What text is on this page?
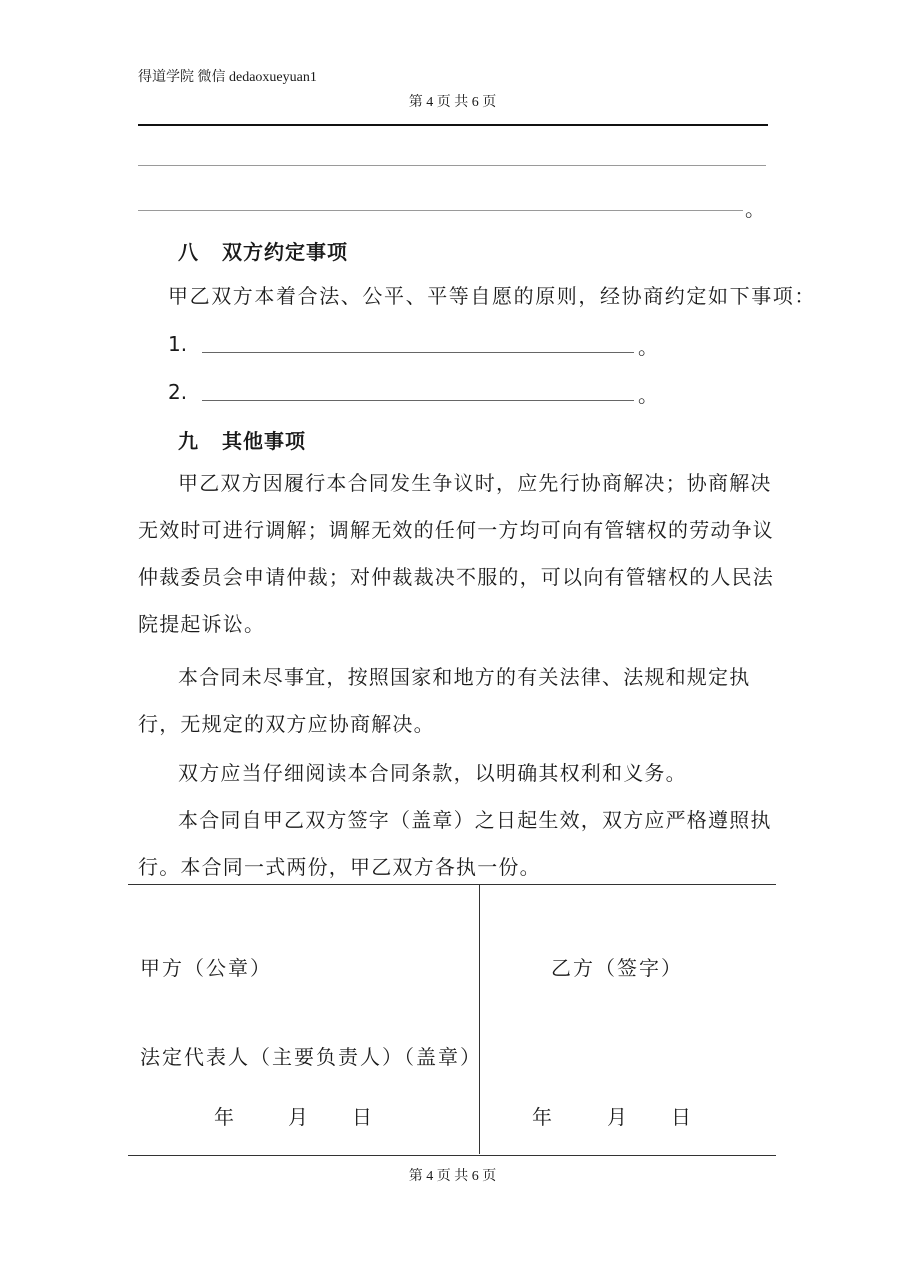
得道学院 微信 dedaoxueyuan1
第 4 页 共 6 页
。
八 双方约定事项
甲乙双方本着合法、公平、平等自愿的原则，经协商约定如下事项：
1.	。
2.	。
九 其他事项
甲乙双方因履行本合同发生争议时，应先行协商解决；协商解决无效时可进行调解；调解无效的任何一方均可向有管辖权的劳动争议仲裁委员会申请仲裁；对仲裁裁决不服的，可以向有管辖权的人民法院提起诉讼。
本合同未尽事宜，按照国家和地方的有关法律、法规和规定执行，无规定的双方应协商解决。
双方应当仔细阅读本合同条款，以明确其权利和义务。
本合同自甲乙双方签字（盖章）之日起生效，双方应严格遵照执行。本合同一式两份，甲乙双方各执一份。
甲方（公章）	乙方（签字）
法定代表人（主要负责人）（盖章）
年	月 日	年	月 日
第 4 页 共 6 页
